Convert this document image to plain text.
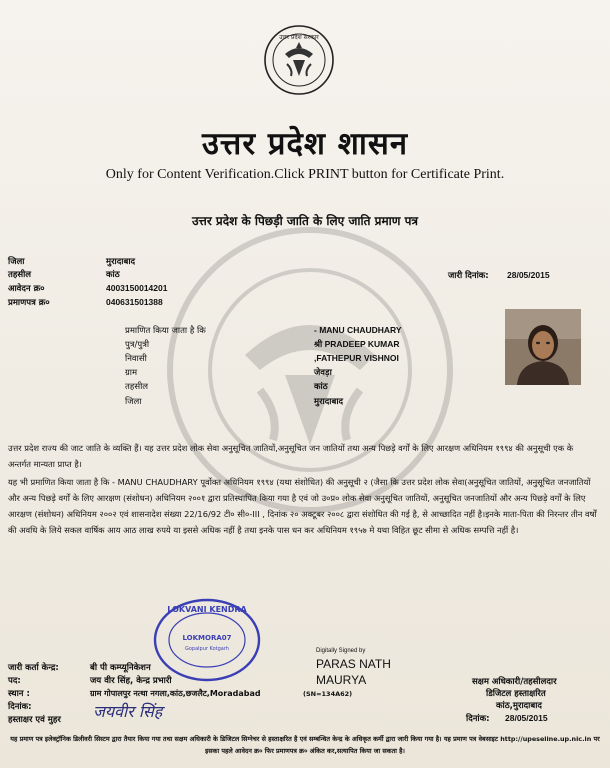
उत्तर प्रदेश सरकार
उत्तर प्रदेश शासन
Only for Content Verification.Click PRINT button for Certificate Print.
उत्तर प्रदेश के पिछड़ी जाति के लिए जाति प्रमाण पत्र
जिला	मुरादाबाद
तहसील	कांठ
आवेदन क्र०	4003150014201
प्रमाणपत्र क्र०	040631501388
जारी दिनांक: 28/05/2015
प्रमाणित किया जाता है कि	- MANU CHAUDHARY
पुत्र/पुत्री	श्री PRADEEP KUMAR
निवासी	,FATHEPUR VISHNOI
ग्राम	जेवड़ा
तहसील	कांठ
जिला	मुरादाबाद
उत्तर प्रदेश राज्य की जाट जाति के व्यक्ति हैं। यह उत्तर प्रदेश लोक सेवा अनुसूचित जातियों,अनुसूचित जन जातियों तथा अन्य पिछड़े वर्गों के लिए आरक्षण अधिनियम १९९४ की अनुसूची एक के अन्तर्गत मान्यता प्राप्त है।
यह भी प्रमाणित किया जाता है कि - MANU CHAUDHARY पूर्वोक्त अधिनियम १९९४ (यथा संशोधित) की अनुसूची २ (जैसा कि उत्तर प्रदेश लोक सेवा(अनुसूचित जातियों, अनुसूचित जनजातियों और अन्य पिछड़े वर्गों के लिए आरक्षण (संशोधन) अधिनियम २००१ द्वारा प्रतिस्थापित किया गया है एवं जो उ०प्र० लोक सेवा अनुसूचित जातियों, अनुसूचित जनजातियों और अन्य पिछड़े वर्गों के लिए आरक्षण (संशोधन) अधिनियम २००२ एवं शासनादेश संख्या 22/16/92 टी० सी०-III , दिनांक २० अक्टूबर २००८ द्वारा संशोधित की गई है, से आच्छादित नहीं है।इनके माता-पिता की निरन्तर तीन वर्षों की अवधि के लिये सकल वार्षिक आय आठ लाख रुपये या इससे अधिक नहीं है तथा इनके पास धन कर अधिनियम १९५७ मे यथा विहित छूट सीमा से अधिक सम्पत्ति नहीं है।
LOKVANI KENDRA
LOKMORA07
Gopalpur Kotgarh
जारी कर्ता केन्द्र:	बी पी कम्प्यूनिकेशन
पद:	जय वीर सिंह, केन्द्र प्रभारी
स्थान :	ग्राम गोपालपुर नत्था नगला,कांठ,छजलैट,Moradabad	(SN=134A62)
दिनांक:
हस्ताक्षर एवं मुहर जयवीर सिंह
Digitally Signed by
PARAS NATH
MAURYA	सक्षम अधिकारी/तहसीलदार
डिजिटल हस्ताक्षरित
कांठ,मुरादाबाद
दिनांक: 28/05/2015
यह प्रमाण पत्र इलेक्ट्रॉनिक डिलीवरी सिस्टम द्वारा तैयार किया गया तथा सक्षम अधिकारी के डिजिटल सिग्नेचर से हस्ताक्षरित है एवं सम्बन्धित केन्द्र के अधिकृत कर्मी द्वारा जारी किया गया है। यह प्रमाण पत्र वेबसाइट http://upeseline.up.nic.in पर इसका पहले आवेदन क्र० फिर प्रमाणपत्र क्र० अंकित कर,सत्यापित किया जा सकता है।
